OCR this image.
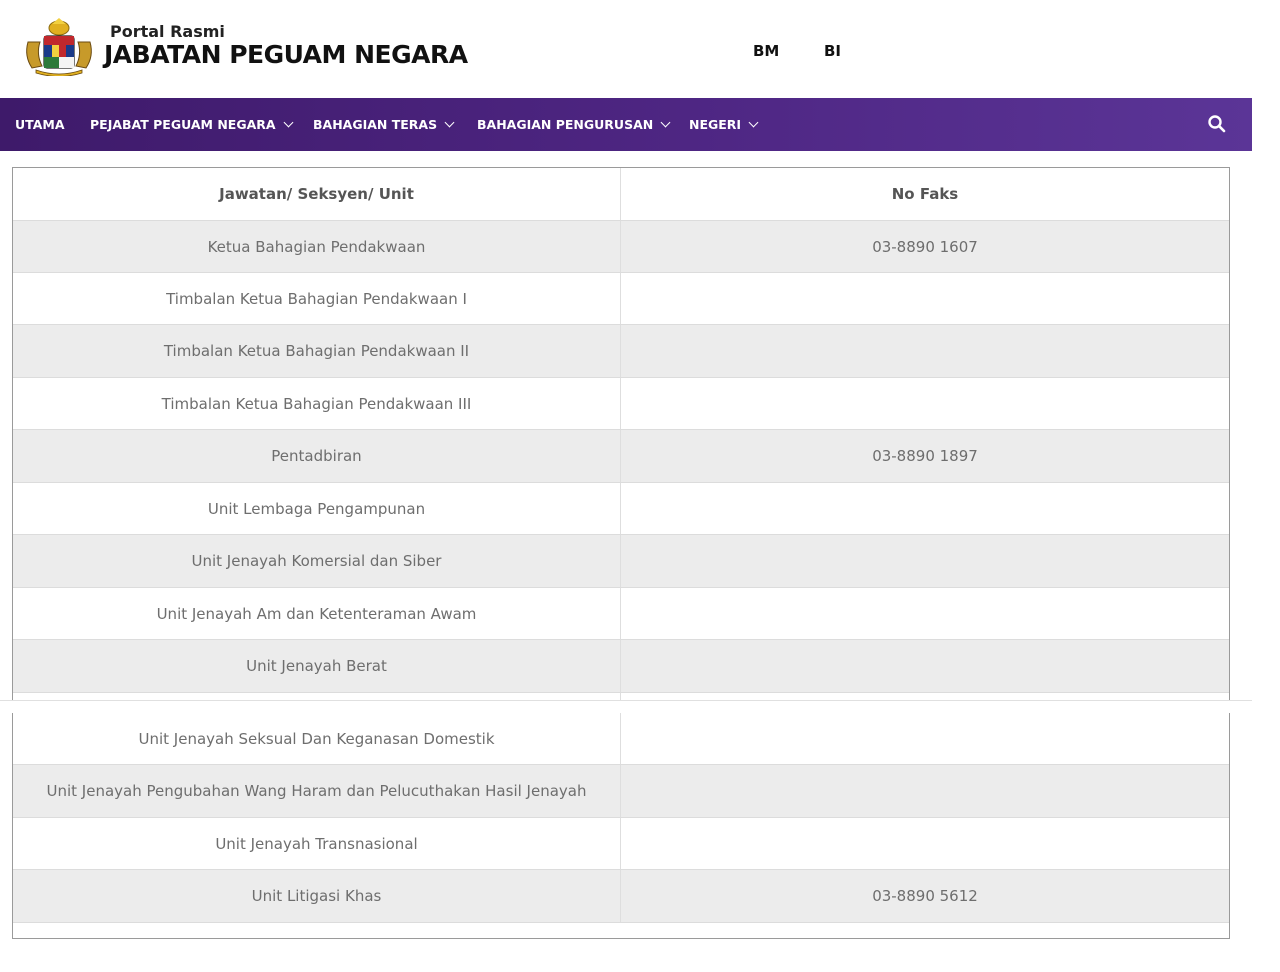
Portal Rasmi
JABATAN PEGUAM NEGARA	BM	BI
UTAMA PEJABAT PEGUAM NEGARA	BAHAGIAN TERAS	BAHAGIAN PENGURUSAN	NEGERI
Jawatan/ Seksyen/ Unit	No Faks
Ketua Bahagian Pendakwaan	03-8890 1607
Timbalan Ketua Bahagian Pendakwaan I
Timbalan Ketua Bahagian Pendakwaan II
Timbalan Ketua Bahagian Pendakwaan III
Pentadbiran	03-8890 1897
Unit Lembaga Pengampunan
Unit Jenayah Komersial dan Siber
Unit Jenayah Am dan Ketenteraman Awam
Unit Jenayah Berat
Unit Jenayah Seksual Dan Keganasan Domestik
Unit Jenayah Pengubahan Wang Haram dan Pelucuthakan Hasil Jenayah
Unit Jenayah Transnasional
Unit Litigasi Khas	03-8890 5612
